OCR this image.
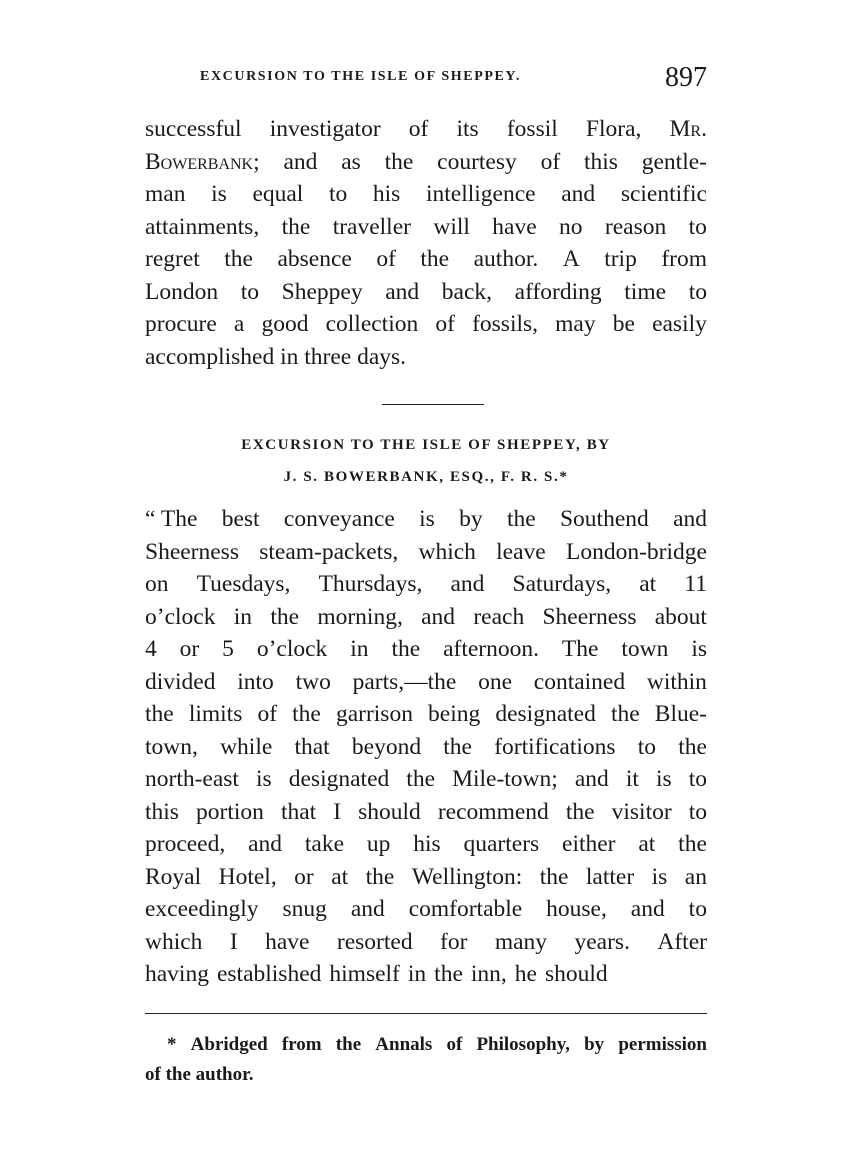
EXCURSION TO THE ISLE OF SHEPPEY.	897
successful investigator of its fossil Flora, Mr.
Bowerbank; and as the courtesy of this gentle-
man is equal to his intelligence and scientific
attainments, the traveller will have no reason to
regret the absence of the author. A trip from
London to Sheppey and back, affording time to
procure a good collection of fossils, may be easily
accomplished in three days.
EXCURSION TO THE ISLE OF SHEPPEY, BY
J. S. BOWERBANK, ESQ., F. R. S.*
“ The best conveyance is by the Southend and
Sheerness steam-packets, which leave London-bridge
on Tuesdays, Thursdays, and Saturdays, at 11
o’clock in the morning, and reach Sheerness about
4 or 5 o’clock in the afternoon. The town is
divided into two parts,—the one contained within
the limits of the garrison being designated the Blue-
town, while that beyond the fortifications to the
north-east is designated the Mile-town; and it is to
this portion that I should recommend the visitor to
proceed, and take up his quarters either at the
Royal Hotel, or at the Wellington: the latter is an
exceedingly snug and comfortable house, and to
which I have resorted for many years. After
having established himself in the inn, he should
* Abridged from the Annals of Philosophy, by permission
of the author.
